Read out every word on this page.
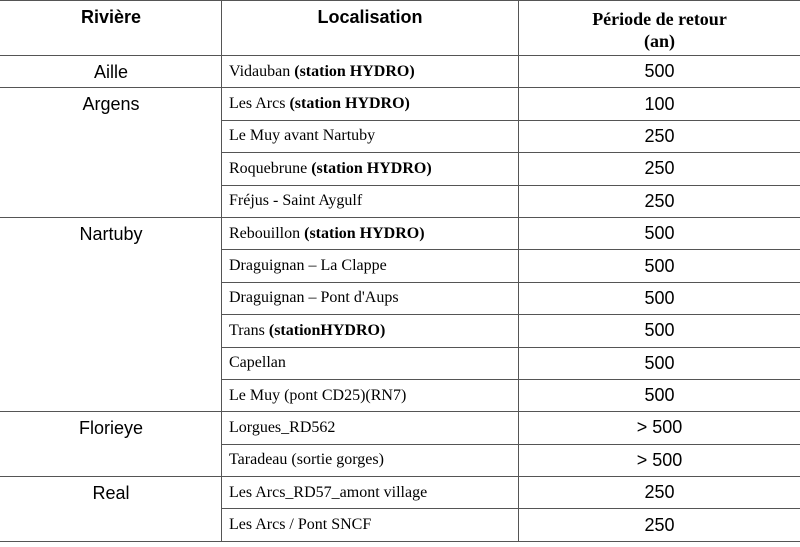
Rivière	Localisation	Période de retour
(an)
Aille	Vidauban (station HYDRO)	500
Argens	Les Arcs (station HYDRO)	100
	Le Muy avant Nartuby	250
	Roquebrune (station HYDRO)	250
	Fréjus - Saint Aygulf	250
Nartuby	Rebouillon (station HYDRO)	500
	Draguignan – La Clappe	500
	Draguignan – Pont d'Aups	500
	Trans (stationHYDRO)	500
	Capellan	500
	Le Muy (pont CD25)(RN7)	500
Florieye	Lorgues_RD562	> 500
	Taradeau (sortie gorges)	> 500
Real	Les Arcs_RD57_amont village	250
	Les Arcs / Pont SNCF	250
